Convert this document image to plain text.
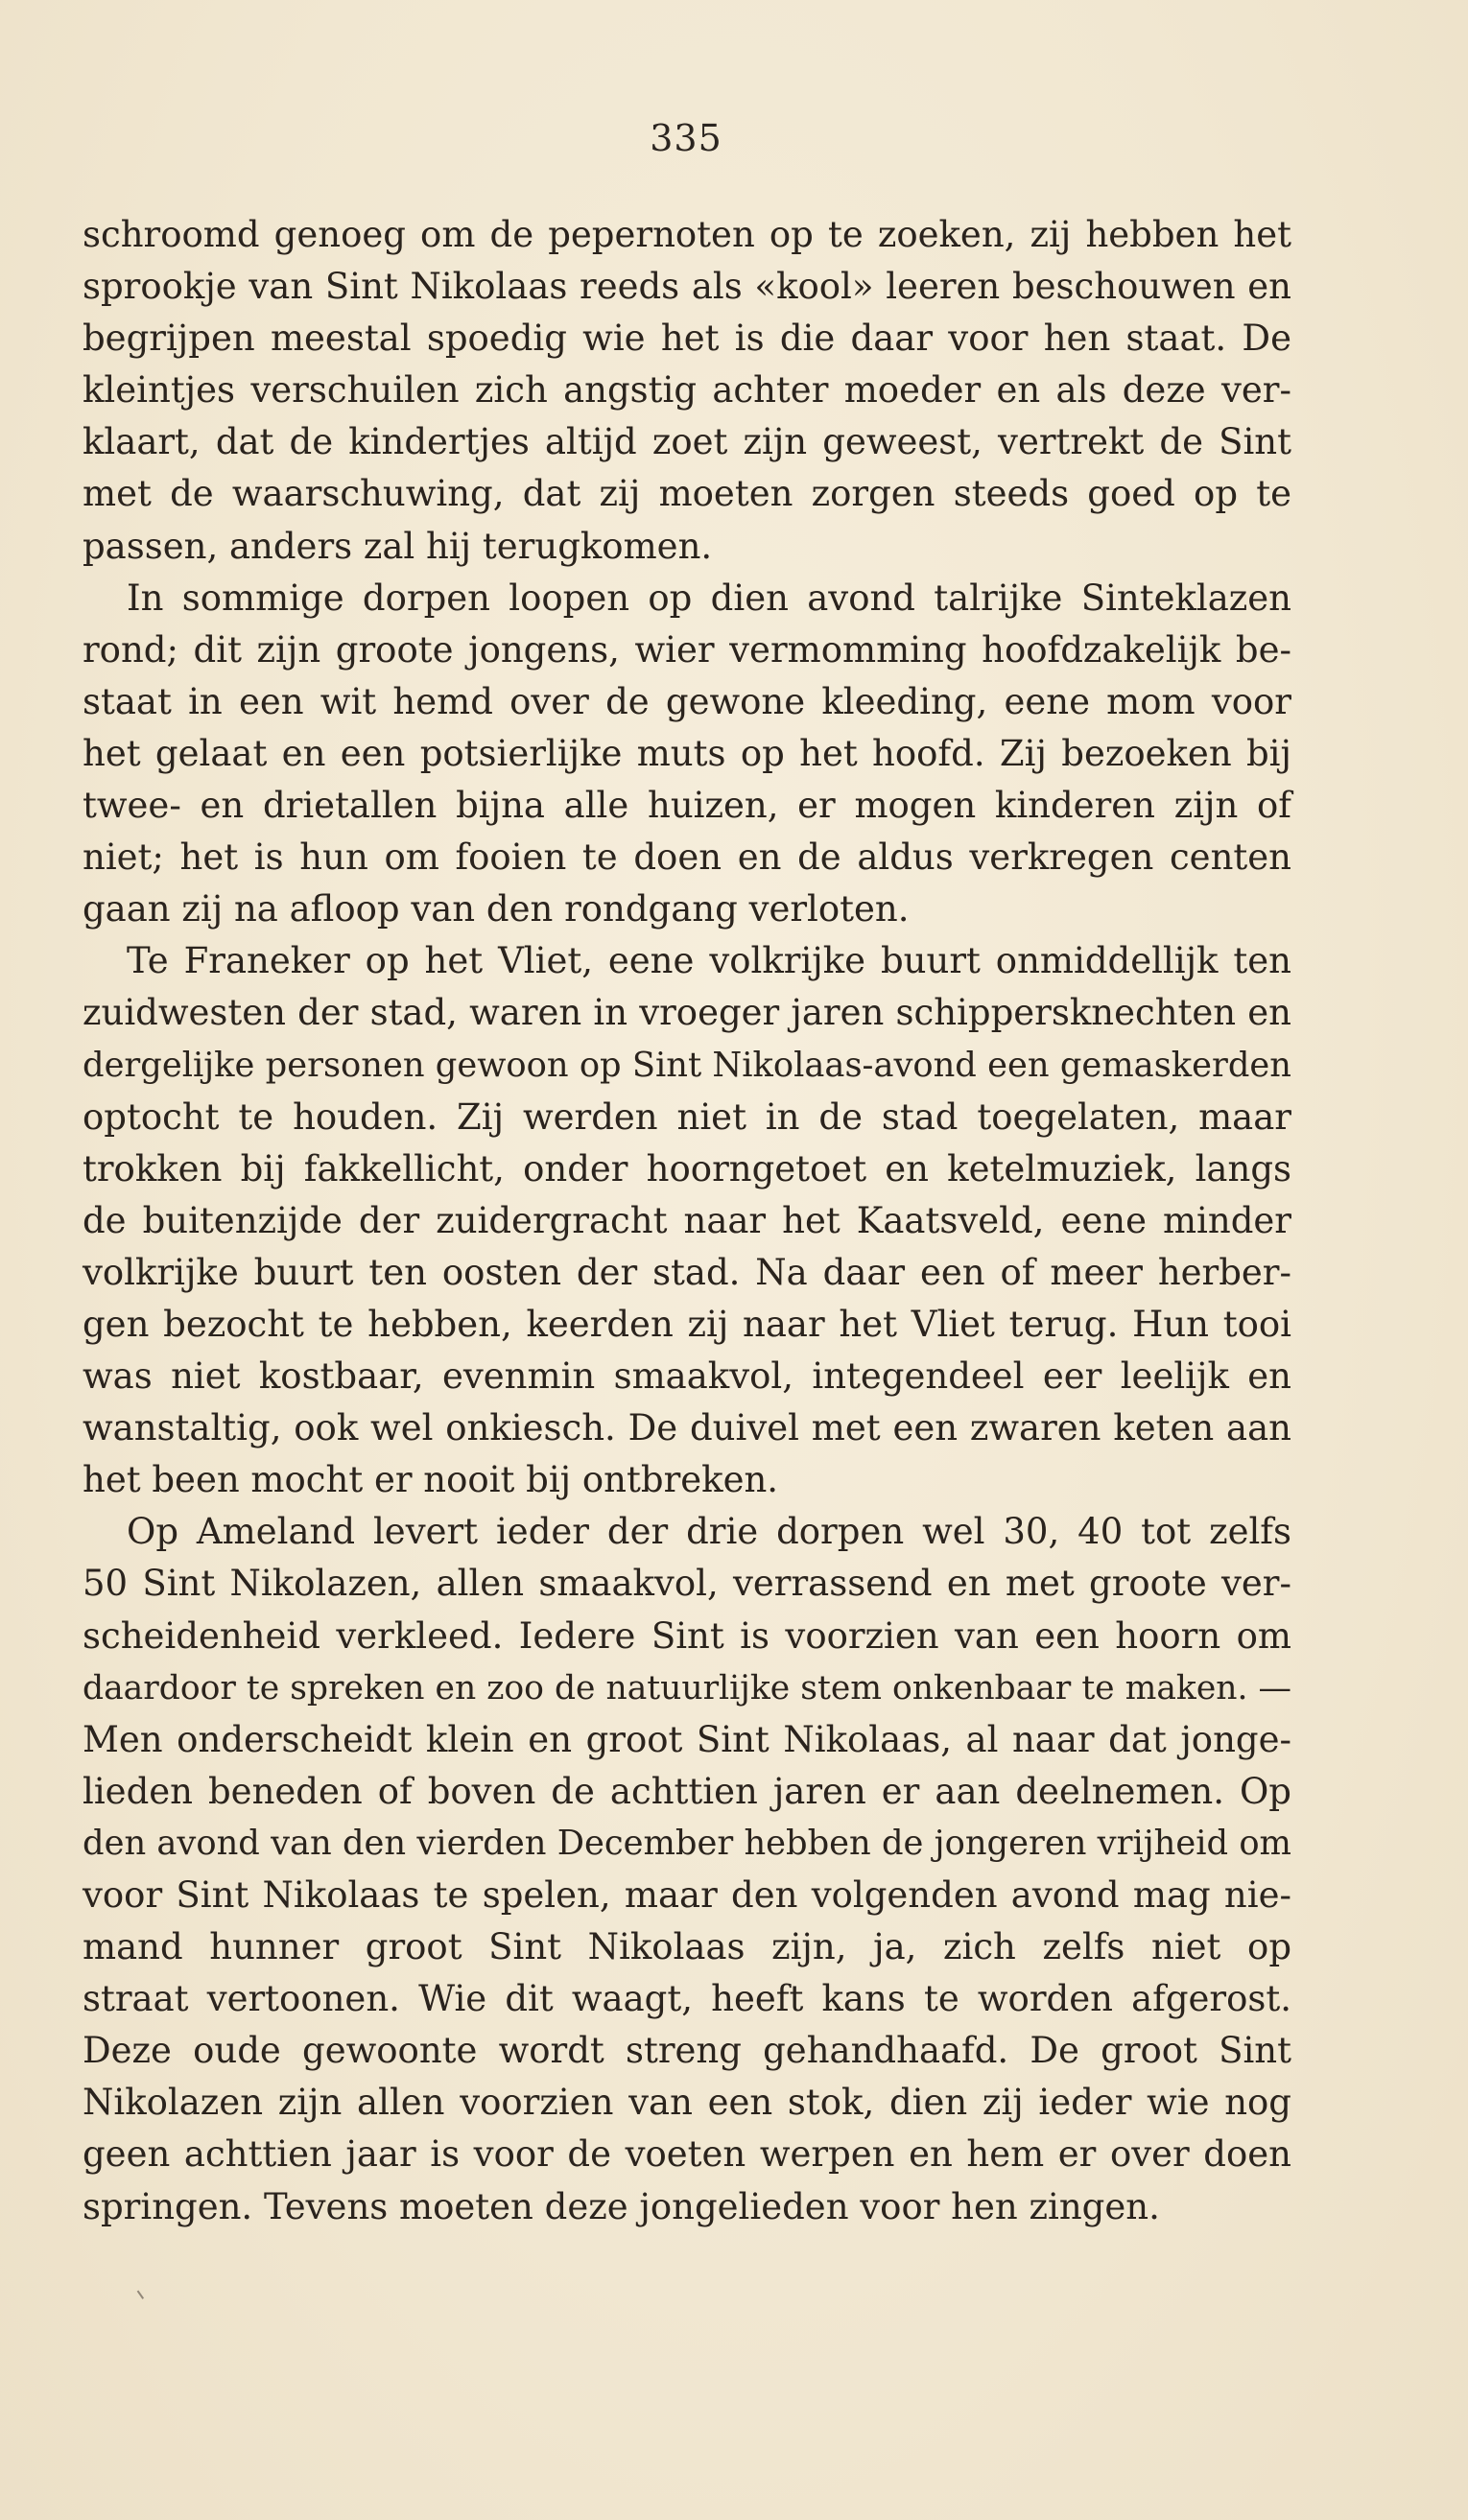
335
schroomd genoeg om de pepernoten op te zoeken, zij hebben het
sprookje van Sint Nikolaas reeds als «kool» leeren beschouwen en
begrijpen meestal spoedig wie het is die daar voor hen staat. De
kleintjes verschuilen zich angstig achter moeder en als deze ver-
klaart, dat de kindertjes altijd zoet zijn geweest, vertrekt de Sint
met de waarschuwing, dat zij moeten zorgen steeds goed op te
passen, anders zal hij terugkomen.
In sommige dorpen loopen op dien avond talrijke Sinteklazen
rond; dit zijn groote jongens, wier vermomming hoofdzakelijk be-
staat in een wit hemd over de gewone kleeding, eene mom voor
het gelaat en een potsierlijke muts op het hoofd. Zij bezoeken bij
twee- en drietallen bijna alle huizen, er mogen kinderen zijn of
niet; het is hun om fooien te doen en de aldus verkregen centen
gaan zij na afloop van den rondgang verloten.
Te Franeker op het Vliet, eene volkrijke buurt onmiddellijk ten
zuidwesten der stad, waren in vroeger jaren schippersknechten en
dergelijke personen gewoon op Sint Nikolaas-avond een gemaskerden
optocht te houden. Zij werden niet in de stad toegelaten, maar
trokken bij fakkellicht, onder hoorngetoet en ketelmuziek, langs
de buitenzijde der zuidergracht naar het Kaatsveld, eene minder
volkrijke buurt ten oosten der stad. Na daar een of meer herber-
gen bezocht te hebben, keerden zij naar het Vliet terug. Hun tooi
was niet kostbaar, evenmin smaakvol, integendeel eer leelijk en
wanstaltig, ook wel onkiesch. De duivel met een zwaren keten aan
het been mocht er nooit bij ontbreken.
Op Ameland levert ieder der drie dorpen wel 30, 40 tot zelfs
50 Sint Nikolazen, allen smaakvol, verrassend en met groote ver-
scheidenheid verkleed. Iedere Sint is voorzien van een hoorn om
daardoor te spreken en zoo de natuurlijke stem onkenbaar te maken. —
Men onderscheidt klein en groot Sint Nikolaas, al naar dat jonge-
lieden beneden of boven de achttien jaren er aan deelnemen. Op
den avond van den vierden December hebben de jongeren vrijheid om
voor Sint Nikolaas te spelen, maar den volgenden avond mag nie-
mand hunner groot Sint Nikolaas zijn, ja, zich zelfs niet op
straat vertoonen. Wie dit waagt, heeft kans te worden afgerost.
Deze oude gewoonte wordt streng gehandhaafd. De groot Sint
Nikolazen zijn allen voorzien van een stok, dien zij ieder wie nog
geen achttien jaar is voor de voeten werpen en hem er over doen
springen. Tevens moeten deze jongelieden voor hen zingen.
